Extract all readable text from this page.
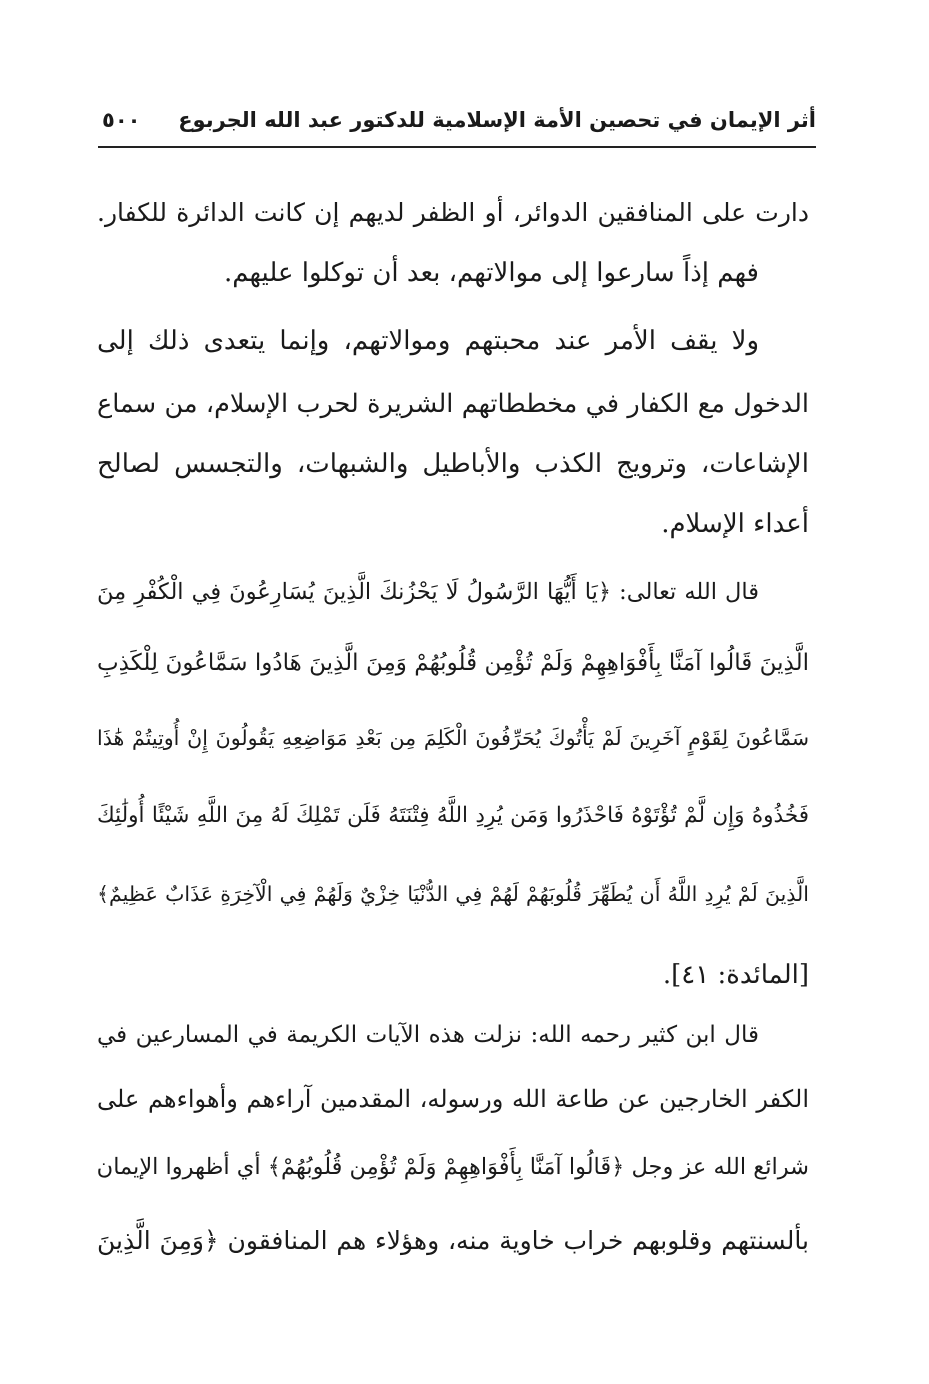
أثر الإيمان في تحصين الأمة الإسلامية للدكتور عبد الله الجربوع
٥٠٠
دارت على المنافقين الدوائر، أو الظفر لديهم إن كانت الدائرة للكفار.
فهم إذاً سارعوا إلى موالاتهم، بعد أن توكلوا عليهم.
ولا يقف الأمر عند محبتهم وموالاتهم، وإنما يتعدى ذلك إلى
الدخول مع الكفار في مخططاتهم الشريرة لحرب الإسلام، من سماع
الإشاعات، وترويج الكذب والأباطيل والشبهات، والتجسس لصالح
أعداء الإسلام.
قال الله تعالى: ﴿يَا أَيُّهَا الرَّسُولُ لَا يَحْزُنكَ الَّذِينَ يُسَارِعُونَ فِي الْكُفْرِ مِنَ
الَّذِينَ قَالُوا آمَنَّا بِأَفْوَاهِهِمْ وَلَمْ تُؤْمِن قُلُوبُهُمْ وَمِنَ الَّذِينَ هَادُوا سَمَّاعُونَ لِلْكَذِبِ
سَمَّاعُونَ لِقَوْمٍ آخَرِينَ لَمْ يَأْتُوكَ يُحَرِّفُونَ الْكَلِمَ مِن بَعْدِ مَوَاضِعِهِ يَقُولُونَ إِنْ أُوتِيتُمْ هَٰذَا
فَخُذُوهُ وَإِن لَّمْ تُؤْتَوْهُ فَاحْذَرُوا وَمَن يُرِدِ اللَّهُ فِتْنَتَهُ فَلَن تَمْلِكَ لَهُ مِنَ اللَّهِ شَيْئًا أُولَٰئِكَ
الَّذِينَ لَمْ يُرِدِ اللَّهُ أَن يُطَهِّرَ قُلُوبَهُمْ لَهُمْ فِي الدُّنْيَا خِزْيٌ وَلَهُمْ فِي الْآخِرَةِ عَذَابٌ عَظِيمٌ﴾
[المائدة: ٤١].
قال ابن كثير رحمه الله: نزلت هذه الآيات الكريمة في المسارعين في
الكفر الخارجين عن طاعة الله ورسوله، المقدمين آراءهم وأهواءهم على
شرائع الله عز وجل ﴿قَالُوا آمَنَّا بِأَفْوَاهِهِمْ وَلَمْ تُؤْمِن قُلُوبُهُمْ﴾ أي أظهروا الإيمان
بألسنتهم وقلوبهم خراب خاوية منه، وهؤلاء هم المنافقون ﴿وَمِنَ الَّذِينَ
